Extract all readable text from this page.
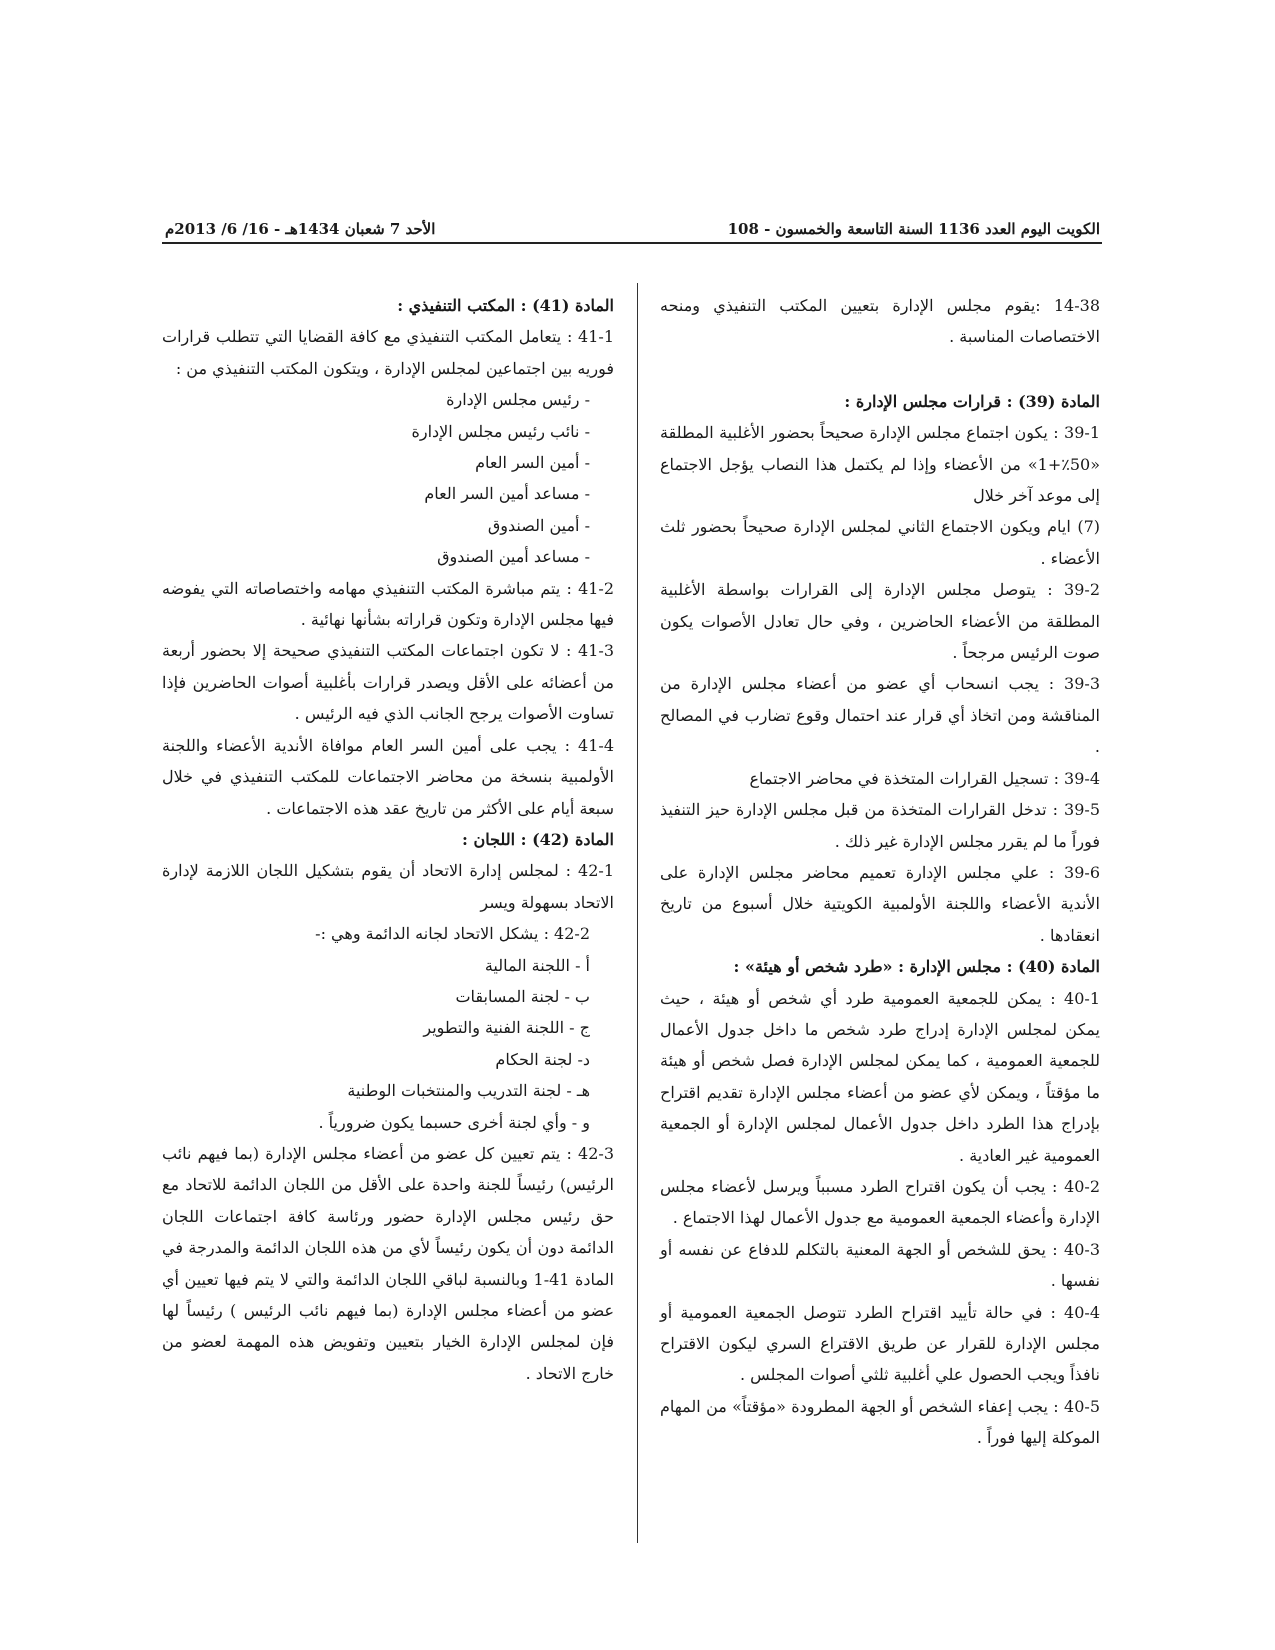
الكويت اليوم العدد 1136 السنة التاسعة والخمسون - 108
الأحد 7 شعبان 1434هـ - 16/ 6/ 2013م

14-38 :يقوم مجلس الإدارة بتعيين المكتب التنفيذي ومنحه الاختصاصات المناسبة .

المادة (39) : قرارات مجلس الإدارة :

39-1 : يكون اجتماع مجلس الإدارة صحيحاً بحضور الأغلبية المطلقة «50٪+1» من الأعضاء وإذا لم يكتمل هذا النصاب يؤجل الاجتماع إلى موعد آخر خلال

(7) ايام ويكون الاجتماع الثاني لمجلس الإدارة صحيحاً بحضور ثلث الأعضاء .

39-2 : يتوصل مجلس الإدارة إلى القرارات بواسطة الأغلبية المطلقة من الأعضاء الحاضرين ، وفي حال تعادل الأصوات يكون صوت الرئيس مرجحاً .

39-3 : يجب انسحاب أي عضو من أعضاء مجلس الإدارة من المناقشة ومن اتخاذ أي قرار عند احتمال وقوع تضارب في المصالح .

39-4 : تسجيل القرارات المتخذة في محاضر الاجتماع

39-5 : تدخل القرارات المتخذة من قبل مجلس الإدارة حيز التنفيذ فوراً ما لم يقرر مجلس الإدارة غير ذلك .

39-6 : علي مجلس الإدارة تعميم محاضر مجلس الإدارة على الأندية الأعضاء واللجنة الأولمبية الكويتية خلال أسبوع من تاريخ انعقادها .

المادة (40) : مجلس الإدارة : «طرد شخص أو هيئة» :

40-1 : يمكن للجمعية العمومية طرد أي شخص أو هيئة ، حيث يمكن لمجلس الإدارة إدراج طرد شخص ما داخل جدول الأعمال للجمعية العمومية ، كما يمكن لمجلس الإدارة فصل شخص أو هيئة ما مؤقتاً ، ويمكن لأي عضو من أعضاء مجلس الإدارة تقديم اقتراح بإدراج هذا الطرد داخل جدول الأعمال لمجلس الإدارة أو الجمعية العمومية غير العادية .

40-2 : يجب أن يكون اقتراح الطرد مسبباً ويرسل لأعضاء مجلس الإدارة وأعضاء الجمعية العمومية مع جدول الأعمال لهذا الاجتماع .

40-3 : يحق للشخص أو الجهة المعنية بالتكلم للدفاع عن نفسه أو نفسها .

40-4 : في حالة تأييد اقتراح الطرد تتوصل الجمعية العمومية أو مجلس الإدارة للقرار عن طريق الاقتراع السري ليكون الاقتراح نافذاً ويجب الحصول علي أغلبية ثلثي أصوات المجلس .

40-5 : يجب إعفاء الشخص أو الجهة المطرودة «مؤقتاً» من المهام الموكلة إليها فوراً .

المادة (41) : المكتب التنفيذي :

41-1 : يتعامل المكتب التنفيذي مع كافة القضايا التي تتطلب قرارات فوريه بين اجتماعين لمجلس الإدارة ، ويتكون المكتب التنفيذي من :

- رئيس مجلس الإدارة

- نائب رئيس مجلس الإدارة

- أمين السر العام

- مساعد أمين السر العام

- أمين الصندوق

- مساعد أمين الصندوق

41-2 : يتم مباشرة المكتب التنفيذي مهامه واختصاصاته التي يفوضه فيها مجلس الإدارة وتكون قراراته بشأنها نهائية .

41-3 : لا تكون اجتماعات المكتب التنفيذي صحيحة إلا بحضور أربعة من أعضائه على الأقل ويصدر قرارات بأغلبية أصوات الحاضرين فإذا تساوت الأصوات يرجح الجانب الذي فيه الرئيس .

41-4 : يجب على أمين السر العام موافاة الأندية الأعضاء واللجنة الأولمبية بنسخة من محاضر الاجتماعات للمكتب التنفيذي في خلال سبعة أيام على الأكثر من تاريخ عقد هذه الاجتماعات .

المادة (42) : اللجان :

42-1 : لمجلس إدارة الاتحاد أن يقوم بتشكيل اللجان اللازمة لإدارة الاتحاد بسهولة ويسر

42-2 : يشكل الاتحاد لجانه الدائمة وهي :-

أ - اللجنة المالية

ب - لجنة المسابقات

ج - اللجنة الفنية والتطوير

د- لجنة الحكام

هـ - لجنة التدريب والمنتخبات الوطنية

و - وأي لجنة أخرى حسبما يكون ضرورياً .

42-3 : يتم تعيين كل عضو من أعضاء مجلس الإدارة (بما فيهم نائب الرئيس) رئيساً للجنة واحدة على الأقل من اللجان الدائمة للاتحاد مع حق رئيس مجلس الإدارة حضور ورئاسة كافة اجتماعات اللجان الدائمة دون أن يكون رئيساً لأي من هذه اللجان الدائمة والمدرجة في المادة 41-1 وبالنسبة لباقي اللجان الدائمة والتي لا يتم فيها تعيين أي عضو من أعضاء مجلس الإدارة (بما فيهم نائب الرئيس ) رئيساً لها فإن لمجلس الإدارة الخيار بتعيين وتفويض هذه المهمة لعضو من خارج الاتحاد .
